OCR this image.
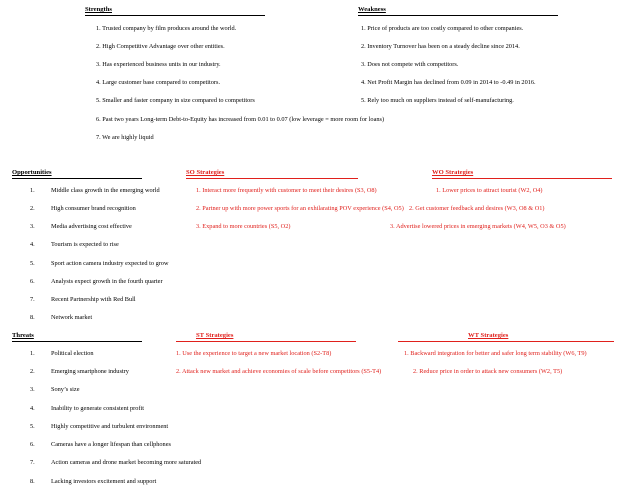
Strengths	Weakness
1. Trusted company by film produces around the world.
2. High Competitive Advantage over other entities.
3. Has experienced business units in our industry.
4. Large customer base compared to competitors.
5. Smaller and faster company in size compared to competitors
6. Past two years Long-term Debt-to-Equity has increased from 0.01 to 0.07 (low leverage = more room for loans)
7. We are highly liquid
1. Price of products are too costly compared to other companies.
2. Inventory Turnover has been on a steady decline since 2014.
3. Does not compete with competitors.
4. Net Profit Margin has declined from 0.09 in 2014 to -0.49 in 2016.
5. Rely too much on suppliers instead of self-manufacturing.
Opportunities	SO Strategies	WO Strategies
1.	Middle class growth in the emerging world
2.	High consumer brand recognition
3.	Media advertising cost effective
4.	Tourism is expected to rise
5.	Sport action camera industry expected to grow
6.	Analysts expect growth in the fourth quarter
7.	Recent Partnership with Red Bull
8.	Network market
1. Interact more frequently with customer to meet their desires (S3, O8)
2. Partner up with more power sports for an exhilarating POV experience (S4, O5)
3. Expand to more countries (S5, O2)
1. Lower prices to attract tourist (W2, O4)
2. Get customer feedback and desires (W3, O8 & O1)
3. Advertise lowered prices in emerging markets (W4, W5, O3 & O5)
Threats	ST Strategies	WT Strategies
1.	Political election
2.	Emerging smartphone industry
3.	Sony’s size
4.	Inability to generate consistent profit
5.	Highly competitive and turbulent environment
6.	Cameras have a longer lifespan than cellphones
7.	Action cameras and drone market becoming more saturated
8.	Lacking investors excitement and support
1. Use the experience to target a new market location (S2-T8)
2. Attack new market and achieve economies of scale before competitors (S5-T4)
1. Backward integration for better and safer long term stability (W6, T9)
2. Reduce price in order to attack new consumers (W2, T5)
